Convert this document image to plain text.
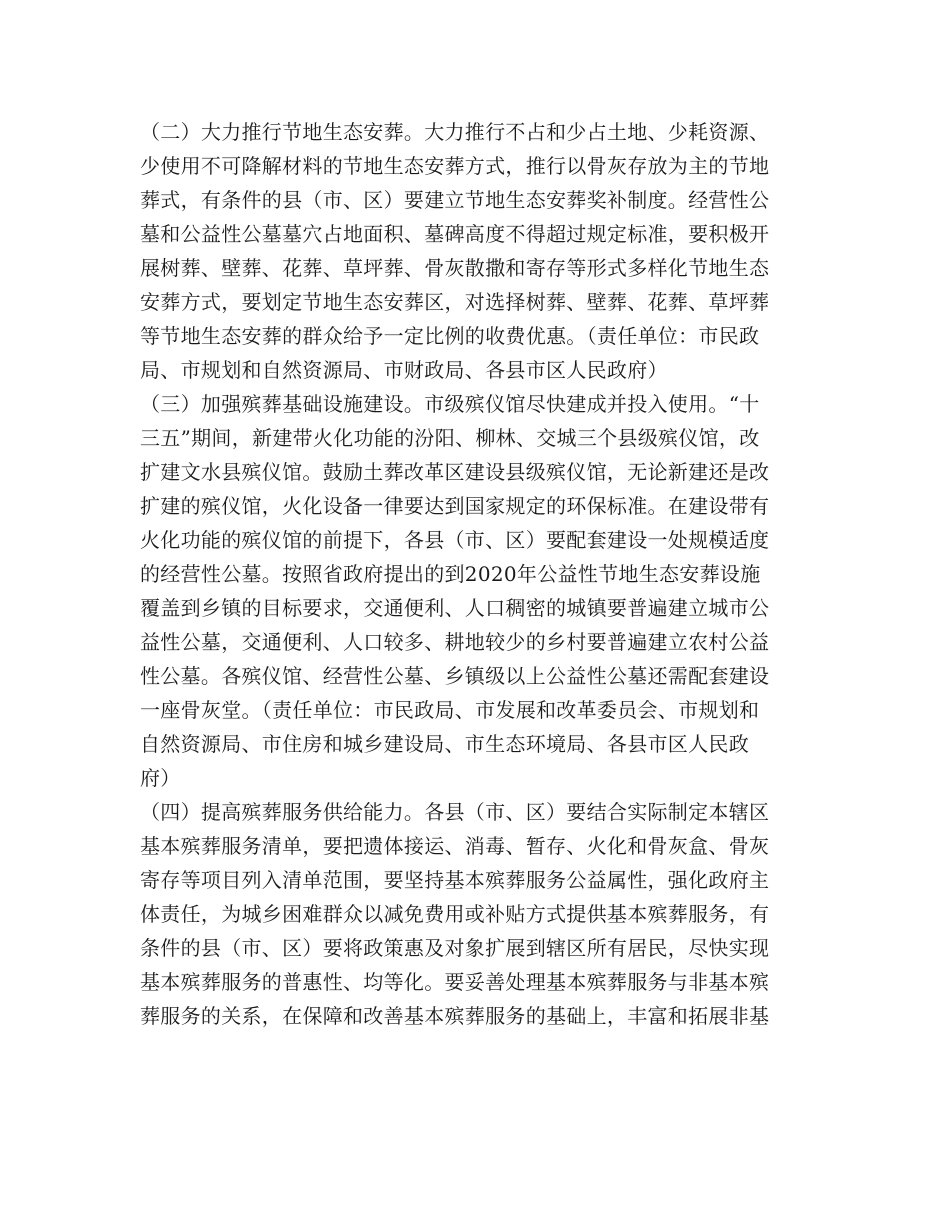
（二）大力推行节地生态安葬。大力推行不占和少占土地、少耗资源、
少使用不可降解材料的节地生态安葬方式，推行以骨灰存放为主的节地
葬式，有条件的县（市、区）要建立节地生态安葬奖补制度。经营性公
墓和公益性公墓墓穴占地面积、墓碑高度不得超过规定标准，要积极开
展树葬、壁葬、花葬、草坪葬、骨灰散撒和寄存等形式多样化节地生态
安葬方式，要划定节地生态安葬区，对选择树葬、壁葬、花葬、草坪葬
等节地生态安葬的群众给予一定比例的收费优惠。（责任单位：市民政
局、市规划和自然资源局、市财政局、各县市区人民政府）
（三）加强殡葬基础设施建设。市级殡仪馆尽快建成并投入使用。“十
三五”期间，新建带火化功能的汾阳、柳林、交城三个县级殡仪馆，改
扩建文水县殡仪馆。鼓励土葬改革区建设县级殡仪馆，无论新建还是改
扩建的殡仪馆，火化设备一律要达到国家规定的环保标准。在建设带有
火化功能的殡仪馆的前提下，各县（市、区）要配套建设一处规模适度
的经营性公墓。按照省政府提出的到2020年公益性节地生态安葬设施
覆盖到乡镇的目标要求，交通便利、人口稠密的城镇要普遍建立城市公
益性公墓，交通便利、人口较多、耕地较少的乡村要普遍建立农村公益
性公墓。各殡仪馆、经营性公墓、乡镇级以上公益性公墓还需配套建设
一座骨灰堂。（责任单位：市民政局、市发展和改革委员会、市规划和
自然资源局、市住房和城乡建设局、市生态环境局、各县市区人民政
府）
（四）提高殡葬服务供给能力。各县（市、区）要结合实际制定本辖区
基本殡葬服务清单，要把遗体接运、消毒、暂存、火化和骨灰盒、骨灰
寄存等项目列入清单范围，要坚持基本殡葬服务公益属性，强化政府主
体责任，为城乡困难群众以减免费用或补贴方式提供基本殡葬服务，有
条件的县（市、区）要将政策惠及对象扩展到辖区所有居民，尽快实现
基本殡葬服务的普惠性、均等化。要妥善处理基本殡葬服务与非基本殡
葬服务的关系，在保障和改善基本殡葬服务的基础上，丰富和拓展非基
